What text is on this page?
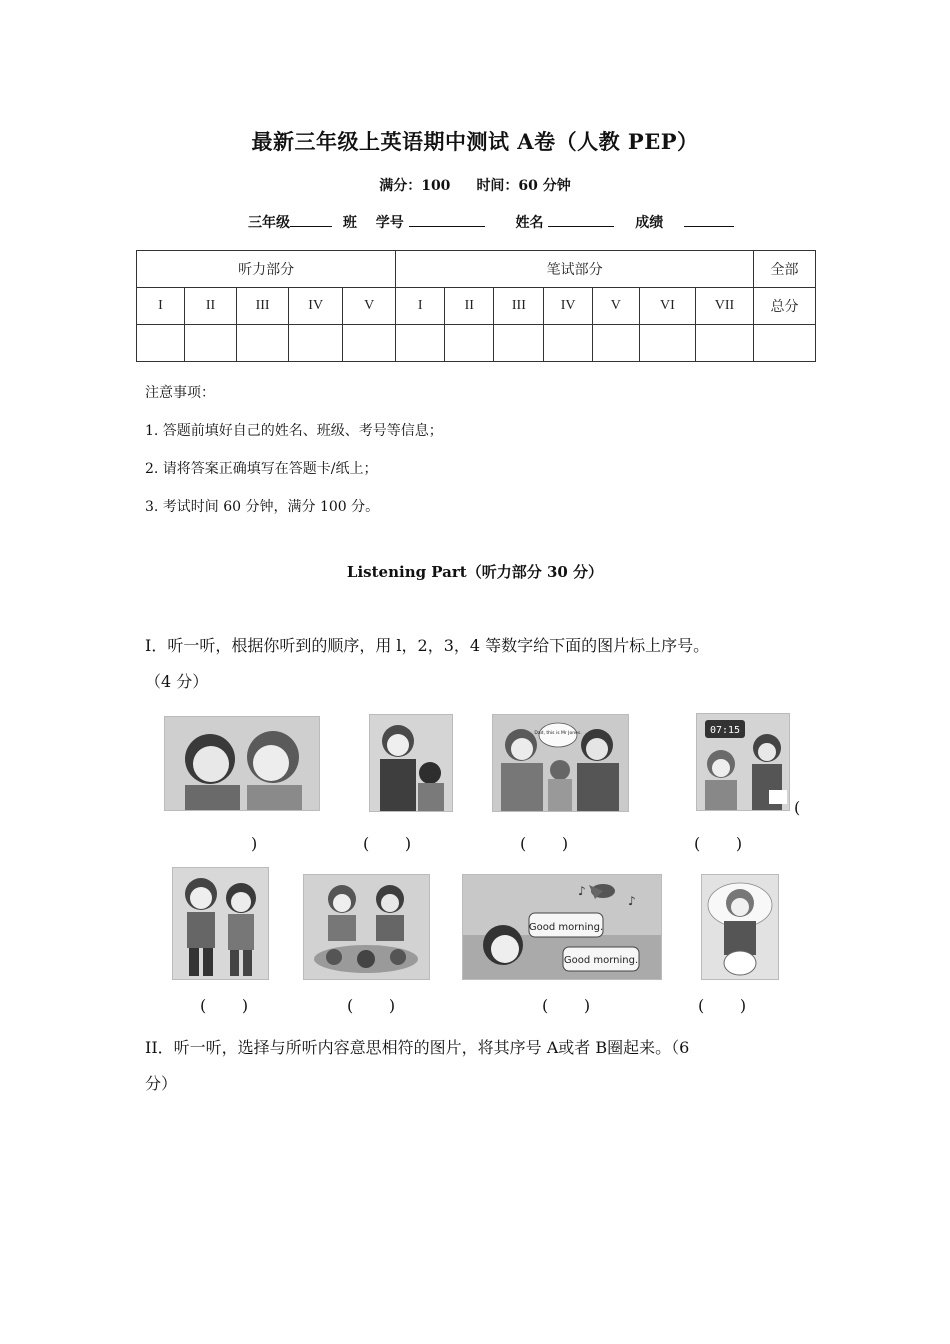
最新三年级上英语期中测试 A卷（人教 PEP）
满分：100 时间：60 分钟
三年级	班 学号	姓名	成绩
听力部分					笔试部分							全部
I	II	III	IV	V	I	II	III	IV	V	VI	VII	总分

注意事项：
1. 答题前填好自己的姓名、班级、考号等信息；
2. 请将答案正确填写在答题卡/纸上；
3. 考试时间 60 分钟，满分 100 分。
Listening Part（听力部分 30 分）
I．听一听，根据你听到的顺序，用 l，2，3，4 等数字给下面的图片标上序号。
（4 分）
Dad, this is Mr Jones.	07:15
(
)	(       )	(       )	(       )
Good morning.
Good morning.
♪
♪
(       )	(       )	(       )	(       )
II．听一听，选择与所听内容意思相符的图片，将其序号 A或者 B圈起来。（6
分）
